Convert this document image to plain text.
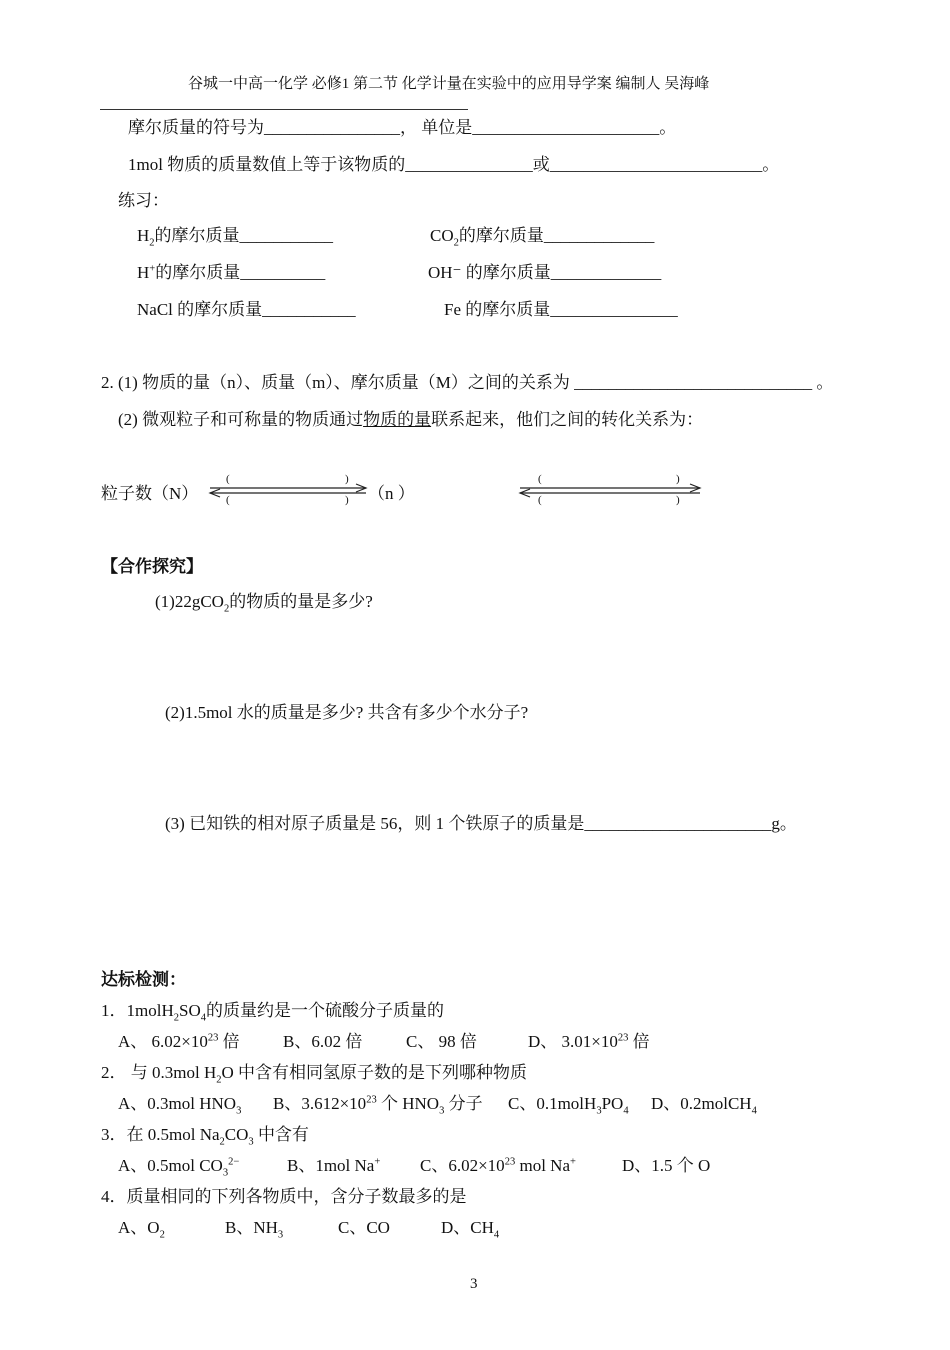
谷城一中高一化学 必修1 第二节 化学计量在实验中的应用导学案 编制人 吴海峰
摩尔质量的符号为________________， 单位是______________________。
1mol 物质的质量数值上等于该物质的_______________或_________________________。
练习：
$H_2$的摩尔质量___________	$CO_2$的摩尔质量_____________
H+的摩尔质量__________	OH⁻ 的摩尔质量_____________
NaCl 的摩尔质量___________	Fe 的摩尔质量_______________
2. (1) 物质的量（n）、质量（m）、摩尔质量（M）之间的关系为 ____________________________ 。
(2) 微观粒子和可称量的物质通过物质的量联系起来，他们之间的转化关系为：
粒子数（N）	（n ）
(	)
(	)
(	)
(	)
【合作探究】
(1)22gCO$_2$的物质的量是多少?
(2)1.5mol 水的质量是多少? 共含有多少个水分子?
(3) 已知铁的相对原子质量是 56，则 1 个铁原子的质量是______________________g。
达标检测：
1．$1molH_2SO_4$的质量约是一个硫酸分子质量的
A、 $6.02\times 10^{23}$ 倍	B、6.02 倍	C、 98 倍	D、 $3.01\times 10^{23}$ 倍
2． 与 0.3mol $H_2O$ 中含有相同氢原子数的是下列哪种物质
A、0.3mol $HNO_3$ B、$3.612\times 10^{23}$ 个 $HNO_3$ 分子 C、$0.1molH_3PO_4$ D、0.2molCH$_4$
3．在 0.5mol $Na_2CO_3$ 中含有
A、0.5mol $CO_3^{2-}$	B、1mol Na+ C、$6.02\times 10^{23}$ mol Na+	D、1.5 个 O
4．质量相同的下列各物质中，含分子数最多的是
A、$O_2$	B、$NH_3$	C、CO	D、$CH_4$
3
